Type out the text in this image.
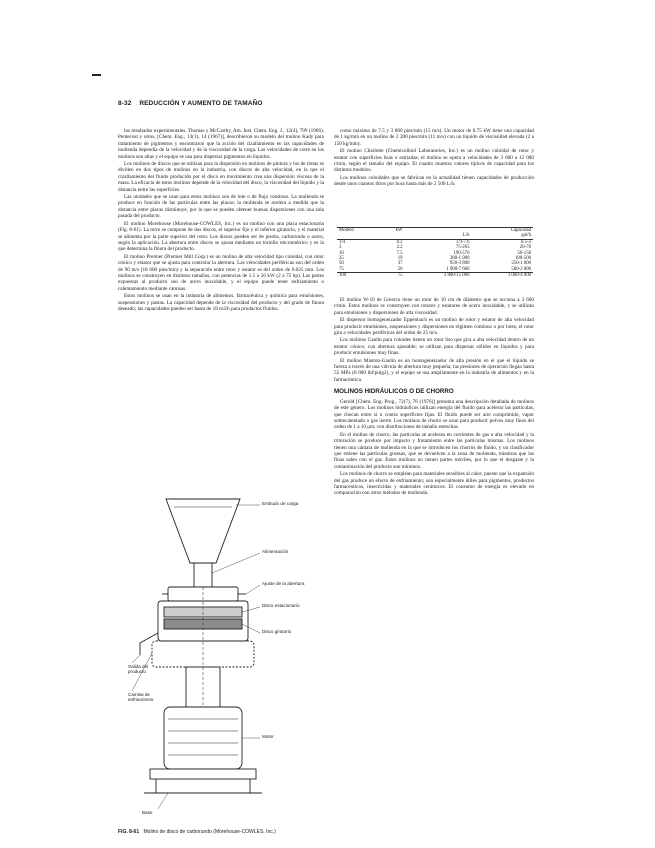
8-32 REDUCCIÓN Y AUMENTO DE TAMAÑO

los resultados experimentales. Thomas y McCarthy, Am. Inst. Chem. Eng. J., 12(4), 799 (1966). Pentecost y otros, [Chem. Eng., 13(1), 14 (1967)], describieron su modelo del molino Kady para tratamiento de pigmentos y encontraron que la acción del cizallamiento en las capacidades de molienda dependía de la velocidad y de la viscosidad de la carga. Las velocidades de corte en los molinos son altas y el equipo se usa para dispersar pigmentos en líquidos.

Los molinos de discos que se utilizan para la dispersión en molinos de pintura y los de tintas se dividen en dos tipos de molinos en la industria, con discos de alta velocidad, en la que el cizallamiento del fluido producido por el disco en movimiento crea una dispersión viscosa de la masa. La eficacia de estos molinos depende de la velocidad del disco, la viscosidad del líquido y la distancia entre las superficies.

Las unidades que se usan para estos molinos son de lote o de flujo continuo. La molienda se produce en función de las partículas entre las placas; la molienda se acelera a medida que la distancia entre placas disminuye, por lo que se pueden obtener buenas dispersiones con una sola pasada del producto.

El molino Morehouse (Morehouse-COWLES, Inc.) es un molino con una placa estacionaria (Fig. 8-61). La torre se compone de dos discos, el superior fijo y el inferior giratorio, y el material se alimenta por la parte superior del rotor. Los discos pueden ser de piedra, carborundo o acero, según la aplicación. La abertura entre discos se ajusta mediante un tornillo micrométrico y es la que determina la finura del producto.

El molino Premier (Premier Mill Corp.) es un molino de alta velocidad tipo coloidal, con rotor cónico y estator que se ajusta para controlar la abertura. Las velocidades periféricas son del orden de 90 m/s (18 000 pies/min) y la separación entre rotor y estator es del orden de 0.025 mm. Los molinos se construyen en distintos tamaños, con potencias de 1.5 a 56 kW (2 a 75 hp). Las partes expuestas al producto son de acero inoxidable, y el equipo puede tener enfriamiento o calentamiento mediante camisas.

Estos molinos se usan en la industria de alimentos, farmacéutica y química para emulsiones, suspensiones y pastas. La capacidad depende de la viscosidad del producto y del grado de finura deseado; las capacidades pueden ser hasta de 18 m3/h para productos fluidos.

como máximo de 7.5 y 3 000 pies/min (15 m/s). Un motor de 0.75 kW tiene una capacidad de 1 kg/min en un molino de 2 200 pies/min (11 m/s) con un líquido de viscosidad elevada (2 a 150 kg/min).

El molino Charlotte (Chemicolloid Laboratories, Inc.) es un molino coloidal de rotor y estator con superficies lisas o estriadas; el molino se opera a velocidades de 3 600 a 12 000 r/min, según el tamaño del equipo. El cuadro muestra valores típicos de capacidad para los distintos modelos.

Los molinos coloidales que se fabrican en la actualidad tienen capacidades de producción desde unos cuantos litros por hora hasta más de 2 500 L/h.

Modelo	kW	Capacidad	
		L/h	gal/h
1/4	0.2	1.9-7.6	0.5-2
3	2.2	75-265	20-70
10	7.5	190-570	50-150
25	19	380-1 900	100-500
50	37	950-3 800	250-1 000
75	56	1 900-7 600	500-2 000
100	75	3 800-15 000	1 000-4 000

El molino W-10 de Greerco tiene un rotor de 10 cm de diámetro que se acciona a 3 600 r/min. Estos molinos se construyen con rotores y estatores de acero inoxidable, y se utilizan para emulsiones y dispersiones de alta viscosidad.

El dispersor homogeneizador Eppenbach es un molino de rotor y estator de alta velocidad para producir emulsiones, suspensiones y dispersiones en régimen continuo o por lotes; el rotor gira a velocidades periféricas del orden de 25 m/s.

Los molinos Gaulin para coloides tienen un rotor liso que gira a alta velocidad dentro de un estator cónico, con abertura ajustable; se utilizan para dispersar sólidos en líquidos y para producir emulsiones muy finas.

El molino Manton-Gaulin es un homogeneizador de alta presión en el que el líquido se fuerza a través de una válvula de abertura muy pequeña; las presiones de operación llegan hasta 55 MPa (8 000 lbf/pulg2), y el equipo se usa ampliamente en la industria de alimentos y en la farmacéutica.

MOLINOS HIDRÁULICOS O DE CHORRO

Gerold [Chem. Eng. Prog., 72(7), 76 (1976)] presenta una descripción detallada de molinos de este género. Los molinos hidráulicos utilizan energía del fluido para acelerar las partículas, que chocan entre sí o contra superficies fijas. El fluido puede ser aire comprimido, vapor sobrecalentado o gas inerte. Los molinos de chorro se usan para producir polvos muy finos del orden de 1 a 10 μm, con distribuciones de tamaño estrechas.

En el molino de chorro, las partículas se aceleran en corrientes de gas a alta velocidad y la trituración se produce por impacto y frotamiento entre las partículas mismas. Los molinos tienen una cámara de molienda en la que se introducen los chorros de fluido, y un clasificador que retiene las partículas gruesas, que se devuelven a la zona de molienda, mientras que las finas salen con el gas. Estos molinos no tienen partes móviles, por lo que el desgaste y la contaminación del producto son mínimos.

Los molinos de chorro se emplean para materiales sensibles al calor, puesto que la expansión del gas produce un efecto de enfriamiento; son especialmente útiles para pigmentos, productos farmacéuticos, insecticidas y materiales cerámicos. El consumo de energía es elevado en comparación con otros métodos de molienda.

Embudo de carga
Alimentación
Ajuste de la abertura
Disco estacionario
Disco giratorio
Salida del producto
Camisa de enfriamiento
Motor
Base
FIG. 8-61 Molino de disco de carborundo (Morehouse-COWLES, Inc.)
